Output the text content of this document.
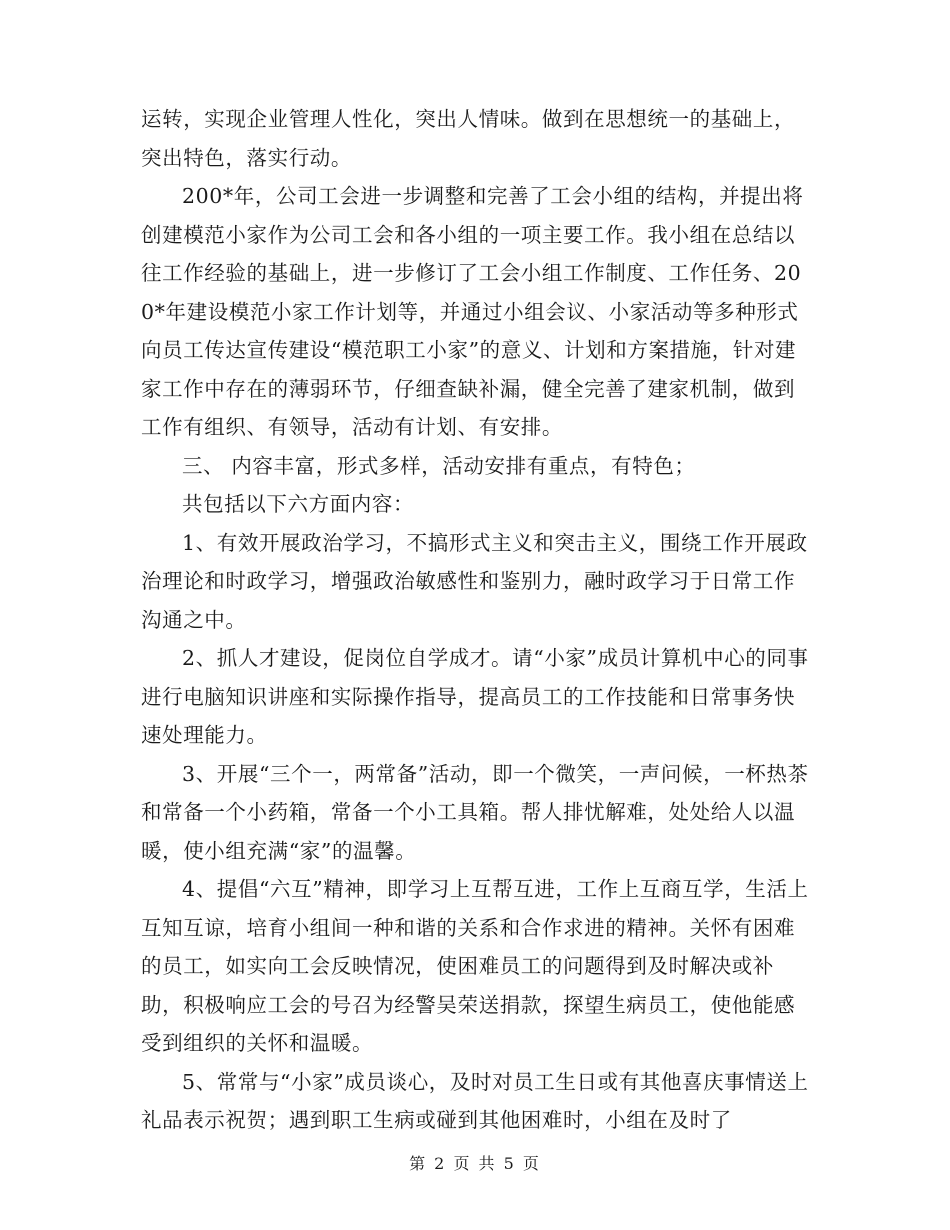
运转，实现企业管理人性化，突出人情味。做到在思想统一的基础上，突出特色，落实行动。

200*年，公司工会进一步调整和完善了工会小组的结构，并提出将创建模范小家作为公司工会和各小组的一项主要工作。我小组在总结以往工作经验的基础上，进一步修订了工会小组工作制度、工作任务、200*年建设模范小家工作计划等，并通过小组会议、小家活动等多种形式向员工传达宣传建设“模范职工小家”的意义、计划和方案措施，针对建家工作中存在的薄弱环节，仔细查缺补漏，健全完善了建家机制，做到工作有组织、有领导，活动有计划、有安排。

三、 内容丰富，形式多样，活动安排有重点，有特色；

共包括以下六方面内容：

1、有效开展政治学习，不搞形式主义和突击主义，围绕工作开展政治理论和时政学习，增强政治敏感性和鉴别力，融时政学习于日常工作沟通之中。

2、抓人才建设，促岗位自学成才。请“小家”成员计算机中心的同事进行电脑知识讲座和实际操作指导，提高员工的工作技能和日常事务快速处理能力。

3、开展“三个一，两常备”活动，即一个微笑，一声问候，一杯热茶和常备一个小药箱，常备一个小工具箱。帮人排忧解难，处处给人以温暖，使小组充满“家”的温馨。

4、提倡“六互”精神，即学习上互帮互进，工作上互商互学，生活上互知互谅，培育小组间一种和谐的关系和合作求进的精神。关怀有困难的员工，如实向工会反映情况，使困难员工的问题得到及时解决或补助，积极响应工会的号召为经警吴荣送捐款，探望生病员工，使他能感受到组织的关怀和温暖。

5、常常与“小家”成员谈心，及时对员工生日或有其他喜庆事情送上礼品表示祝贺；遇到职工生病或碰到其他困难时，小组在及时了

第 2 页 共 5 页
